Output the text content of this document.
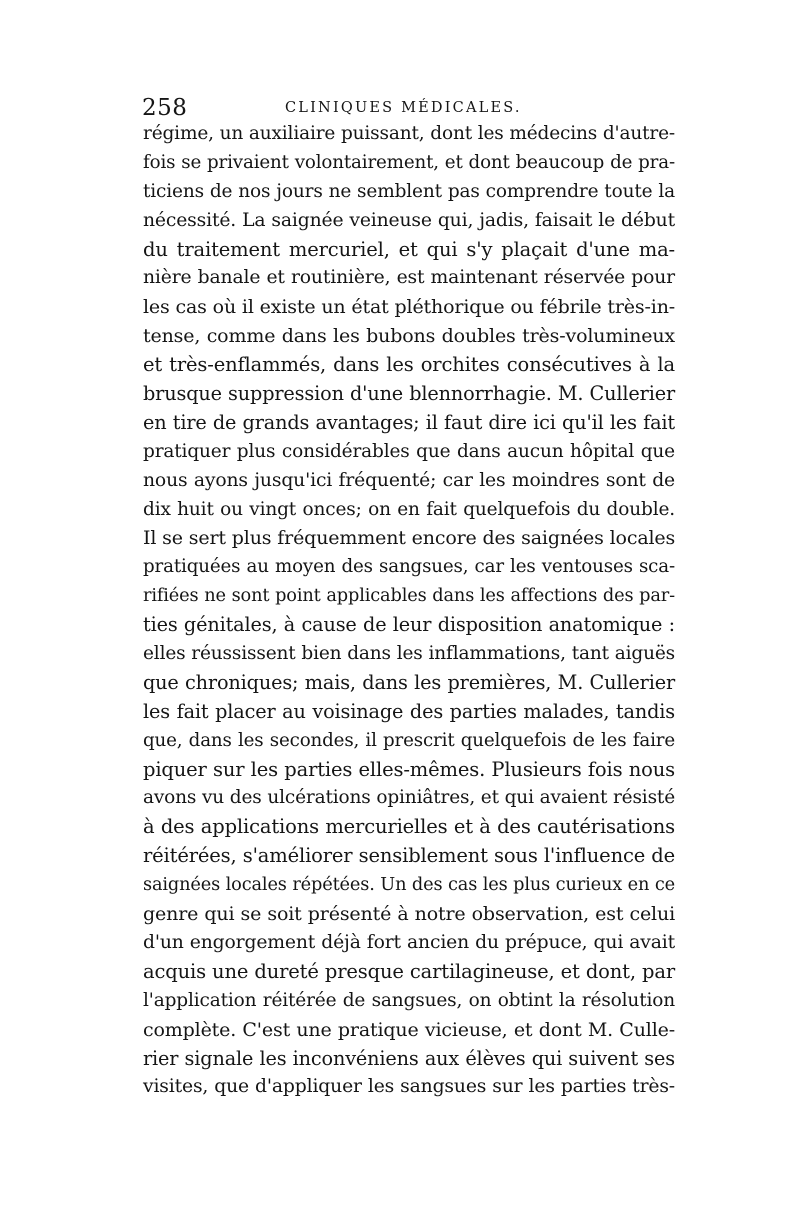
258	CLINIQUES MÉDICALES.
régime, un auxiliaire puissant, dont les médecins d'autre-
fois se privaient volontairement, et dont beaucoup de pra-
ticiens de nos jours ne semblent pas comprendre toute la
nécessité. La saignée veineuse qui, jadis, faisait le début
du traitement mercuriel, et qui s'y plaçait d'une ma-
nière banale et routinière, est maintenant réservée pour
les cas où il existe un état pléthorique ou fébrile très-in-
tense, comme dans les bubons doubles très-volumineux
et très-enflammés, dans les orchites consécutives à la
brusque suppression d'une blennorrhagie. M. Cullerier
en tire de grands avantages; il faut dire ici qu'il les fait
pratiquer plus considérables que dans aucun hôpital que
nous ayons jusqu'ici fréquenté; car les moindres sont de
dix huit ou vingt onces; on en fait quelquefois du double.
Il se sert plus fréquemment encore des saignées locales
pratiquées au moyen des sangsues, car les ventouses sca-
rifiées ne sont point applicables dans les affections des par-
ties génitales, à cause de leur disposition anatomique :
elles réussissent bien dans les inflammations, tant aiguës
que chroniques; mais, dans les premières, M. Cullerier
les fait placer au voisinage des parties malades, tandis
que, dans les secondes, il prescrit quelquefois de les faire
piquer sur les parties elles-mêmes. Plusieurs fois nous
avons vu des ulcérations opiniâtres, et qui avaient résisté
à des applications mercurielles et à des cautérisations
réitérées, s'améliorer sensiblement sous l'influence de
saignées locales répétées. Un des cas les plus curieux en ce
genre qui se soit présenté à notre observation, est celui
d'un engorgement déjà fort ancien du prépuce, qui avait
acquis une dureté presque cartilagineuse, et dont, par
l'application réitérée de sangsues, on obtint la résolution
complète. C'est une pratique vicieuse, et dont M. Culle-
rier signale les inconvéniens aux élèves qui suivent ses
visites, que d'appliquer les sangsues sur les parties très-
